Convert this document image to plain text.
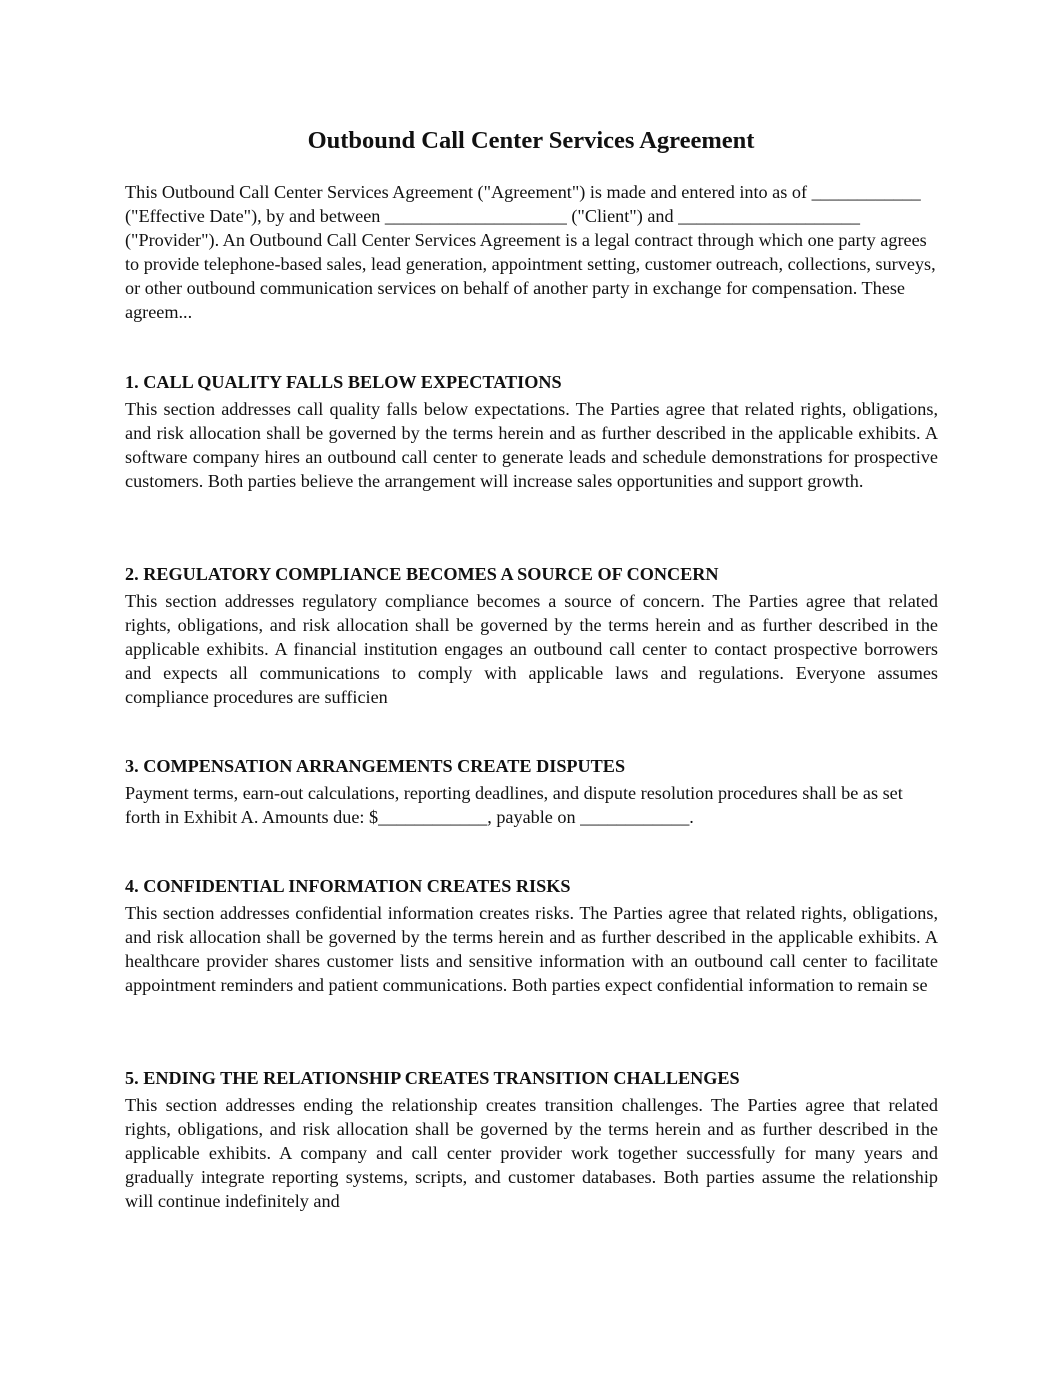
Outbound Call Center Services Agreement

This Outbound Call Center Services Agreement ("Agreement") is made and entered into as of ____________ ("Effective Date"), by and between ____________________ ("Client") and ____________________ ("Provider"). An Outbound Call Center Services Agreement is a legal contract through which one party agrees to provide telephone-based sales, lead generation, appointment setting, customer outreach, collections, surveys, or other outbound communication services on behalf of another party in exchange for compensation. These agreem...

1. CALL QUALITY FALLS BELOW EXPECTATIONS

This section addresses call quality falls below expectations. The Parties agree that related rights, obligations, and risk allocation shall be governed by the terms herein and as further described in the applicable exhibits. A software company hires an outbound call center to generate leads and schedule demonstrations for prospective customers. Both parties believe the arrangement will increase sales opportunities and support growth.

2. REGULATORY COMPLIANCE BECOMES A SOURCE OF CONCERN

This section addresses regulatory compliance becomes a source of concern. The Parties agree that related rights, obligations, and risk allocation shall be governed by the terms herein and as further described in the applicable exhibits. A financial institution engages an outbound call center to contact prospective borrowers and expects all communications to comply with applicable laws and regulations. Everyone assumes compliance procedures are sufficien

3. COMPENSATION ARRANGEMENTS CREATE DISPUTES

Payment terms, earn-out calculations, reporting deadlines, and dispute resolution procedures shall be as set forth in Exhibit A. Amounts due: $____________, payable on ____________.

4. CONFIDENTIAL INFORMATION CREATES RISKS

This section addresses confidential information creates risks. The Parties agree that related rights, obligations, and risk allocation shall be governed by the terms herein and as further described in the applicable exhibits. A healthcare provider shares customer lists and sensitive information with an outbound call center to facilitate appointment reminders and patient communications. Both parties expect confidential information to remain se

5. ENDING THE RELATIONSHIP CREATES TRANSITION CHALLENGES

This section addresses ending the relationship creates transition challenges. The Parties agree that related rights, obligations, and risk allocation shall be governed by the terms herein and as further described in the applicable exhibits. A company and call center provider work together successfully for many years and gradually integrate reporting systems, scripts, and customer databases. Both parties assume the relationship will continue indefinitely and
